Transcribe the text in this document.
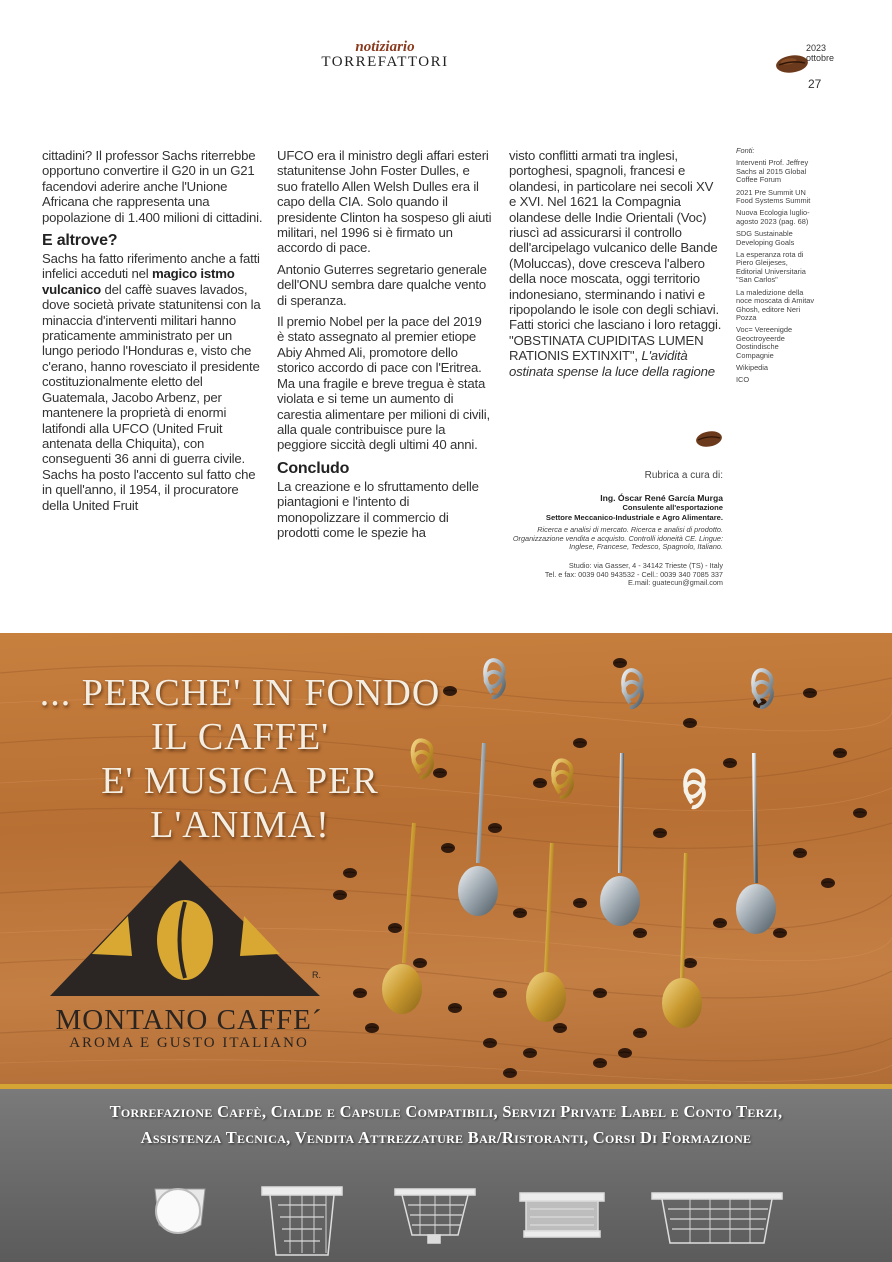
notiziario
TORREFATTORI
2023
ottobre
27

cittadini? Il professor Sachs riterrebbe opportuno convertire il G20 in un G21 facendovi aderire anche l'Unione Africana che rappresenta una popolazione di 1.400 milioni di cittadini.

E altrove?

Sachs ha fatto riferimento anche a fatti infelici acceduti nel magico istmo vulcanico del caffè suaves lavados, dove società private statunitensi con la minaccia d'interventi militari hanno praticamente amministrato per un lungo periodo l'Honduras e, visto che c'erano, hanno rovesciato il presidente costituzionalmente eletto del Guatemala, Jacobo Arbenz, per mantenere la proprietà di enormi latifondi alla UFCO (United Fruit antenata della Chiquita), con conseguenti 36 anni di guerra civile. Sachs ha posto l'accento sul fatto che in quell'anno, il 1954, il procuratore della United Fruit

UFCO era il ministro degli affari esteri statunitense John Foster Dulles, e suo fratello Allen Welsh Dulles era il capo della CIA. Solo quando il presidente Clinton ha sospeso gli aiuti militari, nel 1996 si è firmato un accordo di pace.

Antonio Guterres segretario generale dell'ONU sembra dare qualche vento di speranza.

Il premio Nobel per la pace del 2019 è stato assegnato al premier etiope Abiy Ahmed Ali, promotore dello storico accordo di pace con l'Eritrea. Ma una fragile e breve tregua è stata violata e si teme un aumento di carestia alimentare per milioni di civili, alla quale contribuisce pure la peggiore siccità degli ultimi 40 anni.

Concludo

La creazione e lo sfruttamento delle piantagioni e l'intento di monopolizzare il commercio di prodotti come le spezie ha

visto conflitti armati tra inglesi, portoghesi, spagnoli, francesi e olandesi, in particolare nei secoli XV e XVI. Nel 1621 la Compagnia olandese delle Indie Orientali (Voc) riuscì ad assicurarsi il controllo dell'arcipelago vulcanico delle Bande (Moluccas), dove cresceva l'albero della noce moscata, oggi territorio indonesiano, sterminando i nativi e ripopolando le isole con degli schiavi. Fatti storici che lasciano i loro retaggi. "OBSTINATA CUPIDITAS LUMEN RATIONIS EXTINXIT", L'avidità ostinata spense la luce della ragione

Fonti:
Interventi Prof. Jeffrey Sachs al 2015 Global Coffee Forum
2021 Pre Summit UN Food Systems Summit
Nuova Ecologia luglio-agosto 2023 (pag. 68)
SDG Sustainable Developing Goals
La esperanza rota di Piero Gleijeses, Editorial Universitaria "San Carlos"
La maledizione della noce moscata di Amitav Ghosh, editore Neri Pozza
Voc= Vereenigde Geoctroyeerde Oostindische Compagnie
Wikipedia
ICO
Rubrica a cura di:
Ing. Óscar René García Murga
Consulente all'esportazione
Settore Meccanico-Industriale e Agro Alimentare.
Ricerca e analisi di mercato. Ricerca e analisi di prodotto. Organizzazione vendita e acquisto. Controlli idoneità CE. Lingue: Inglese, Francese, Tedesco, Spagnolo, Italiano.
Studio: via Gasser, 4 - 34142 Trieste (TS) - Italy
Tel. e fax: 0039 040 943532 - Cell.: 0039 340 7085 337
E.mail: guatecun@gmail.com
... PERCHE' IN FONDO
IL CAFFE'
E' MUSICA PER
L'ANIMA!
R.
MONTANO CAFFE´
AROMA E GUSTO ITALIANO
Torrefazione Caffè, Cialde e Capsule Compatibili, Servizi Private Label e Conto Terzi,
Assistenza Tecnica, Vendita Attrezzature Bar/Ristoranti, Corsi Di Formazione
